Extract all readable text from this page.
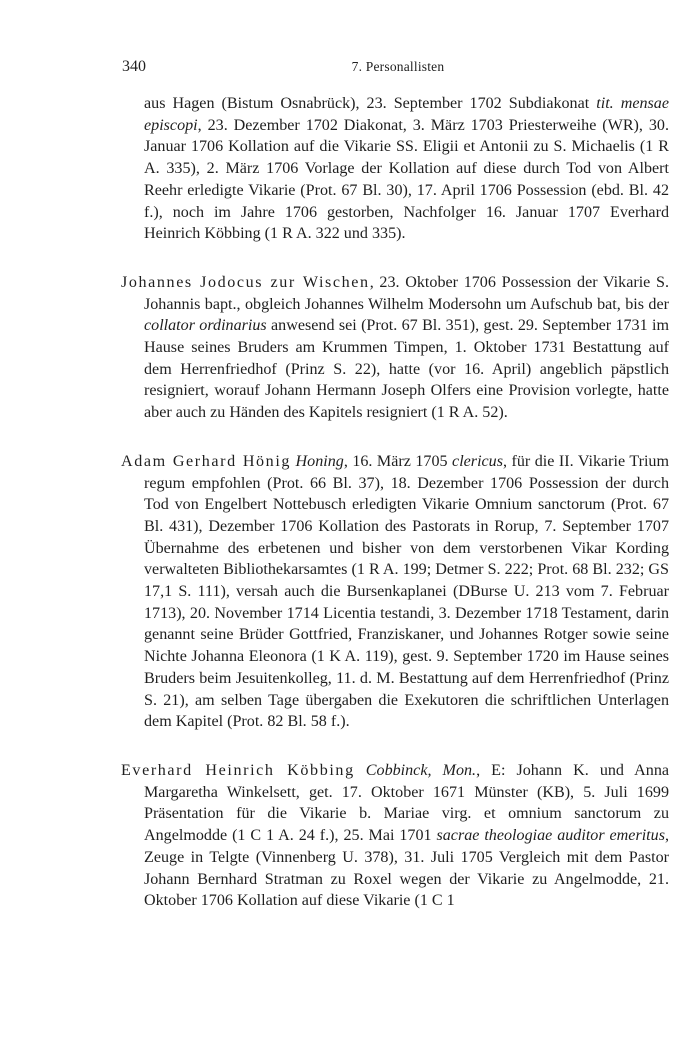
340	7. Personallisten

aus Hagen (Bistum Osnabrück), 23. September 1702 Subdiakonat tit. mensae episcopi, 23. Dezember 1702 Diakonat, 3. März 1703 Priesterweihe (WR), 30. Januar 1706 Kollation auf die Vikarie SS. Eligii et Antonii zu S. Michaelis (1 R A. 335), 2. März 1706 Vorlage der Kollation auf diese durch Tod von Albert Reehr erledigte Vikarie (Prot. 67 Bl. 30), 17. April 1706 Possession (ebd. Bl. 42 f.), noch im Jahre 1706 gestorben, Nachfolger 16. Januar 1707 Everhard Heinrich Köbbing (1 R A. 322 und 335).

Johannes Jodocus zur Wischen, 23. Oktober 1706 Possession der Vikarie S. Johannis bapt., obgleich Johannes Wilhelm Modersohn um Aufschub bat, bis der collator ordinarius anwesend sei (Prot. 67 Bl. 351), gest. 29. September 1731 im Hause seines Bruders am Krummen Timpen, 1. Oktober 1731 Bestattung auf dem Herrenfriedhof (Prinz S. 22), hatte (vor 16. April) angeblich päpstlich resigniert, worauf Johann Hermann Joseph Olfers eine Provision vorlegte, hatte aber auch zu Händen des Kapitels resigniert (1 R A. 52).

Adam Gerhard Hönig Honing, 16. März 1705 clericus, für die II. Vikarie Trium regum empfohlen (Prot. 66 Bl. 37), 18. Dezember 1706 Possession der durch Tod von Engelbert Nottebusch erledigten Vikarie Omnium sanctorum (Prot. 67 Bl. 431), Dezember 1706 Kollation des Pastorats in Rorup, 7. September 1707 Übernahme des erbetenen und bisher von dem verstorbenen Vikar Kording verwalteten Bibliothekarsamtes (1 R A. 199; Detmer S. 222; Prot. 68 Bl. 232; GS 17,1 S. 111), versah auch die Bursenkaplanei (DBurse U. 213 vom 7. Februar 1713), 20. November 1714 Licentia testandi, 3. Dezember 1718 Testament, darin genannt seine Brüder Gottfried, Franziskaner, und Johannes Rotger sowie seine Nichte Johanna Eleonora (1 K A. 119), gest. 9. September 1720 im Hause seines Bruders beim Jesuitenkolleg, 11. d. M. Bestattung auf dem Herrenfriedhof (Prinz S. 21), am selben Tage übergaben die Exekutoren die schriftlichen Unterlagen dem Kapitel (Prot. 82 Bl. 58 f.).

Everhard Heinrich Köbbing Cobbinck, Mon., E: Johann K. und Anna Margaretha Winkelsett, get. 17. Oktober 1671 Münster (KB), 5. Juli 1699 Präsentation für die Vikarie b. Mariae virg. et omnium sanctorum zu Angelmodde (1 C 1 A. 24 f.), 25. Mai 1701 sacrae theologiae auditor emeritus, Zeuge in Telgte (Vinnenberg U. 378), 31. Juli 1705 Vergleich mit dem Pastor Johann Bernhard Stratman zu Roxel wegen der Vikarie zu Angelmodde, 21. Oktober 1706 Kollation auf diese Vikarie (1 C 1
